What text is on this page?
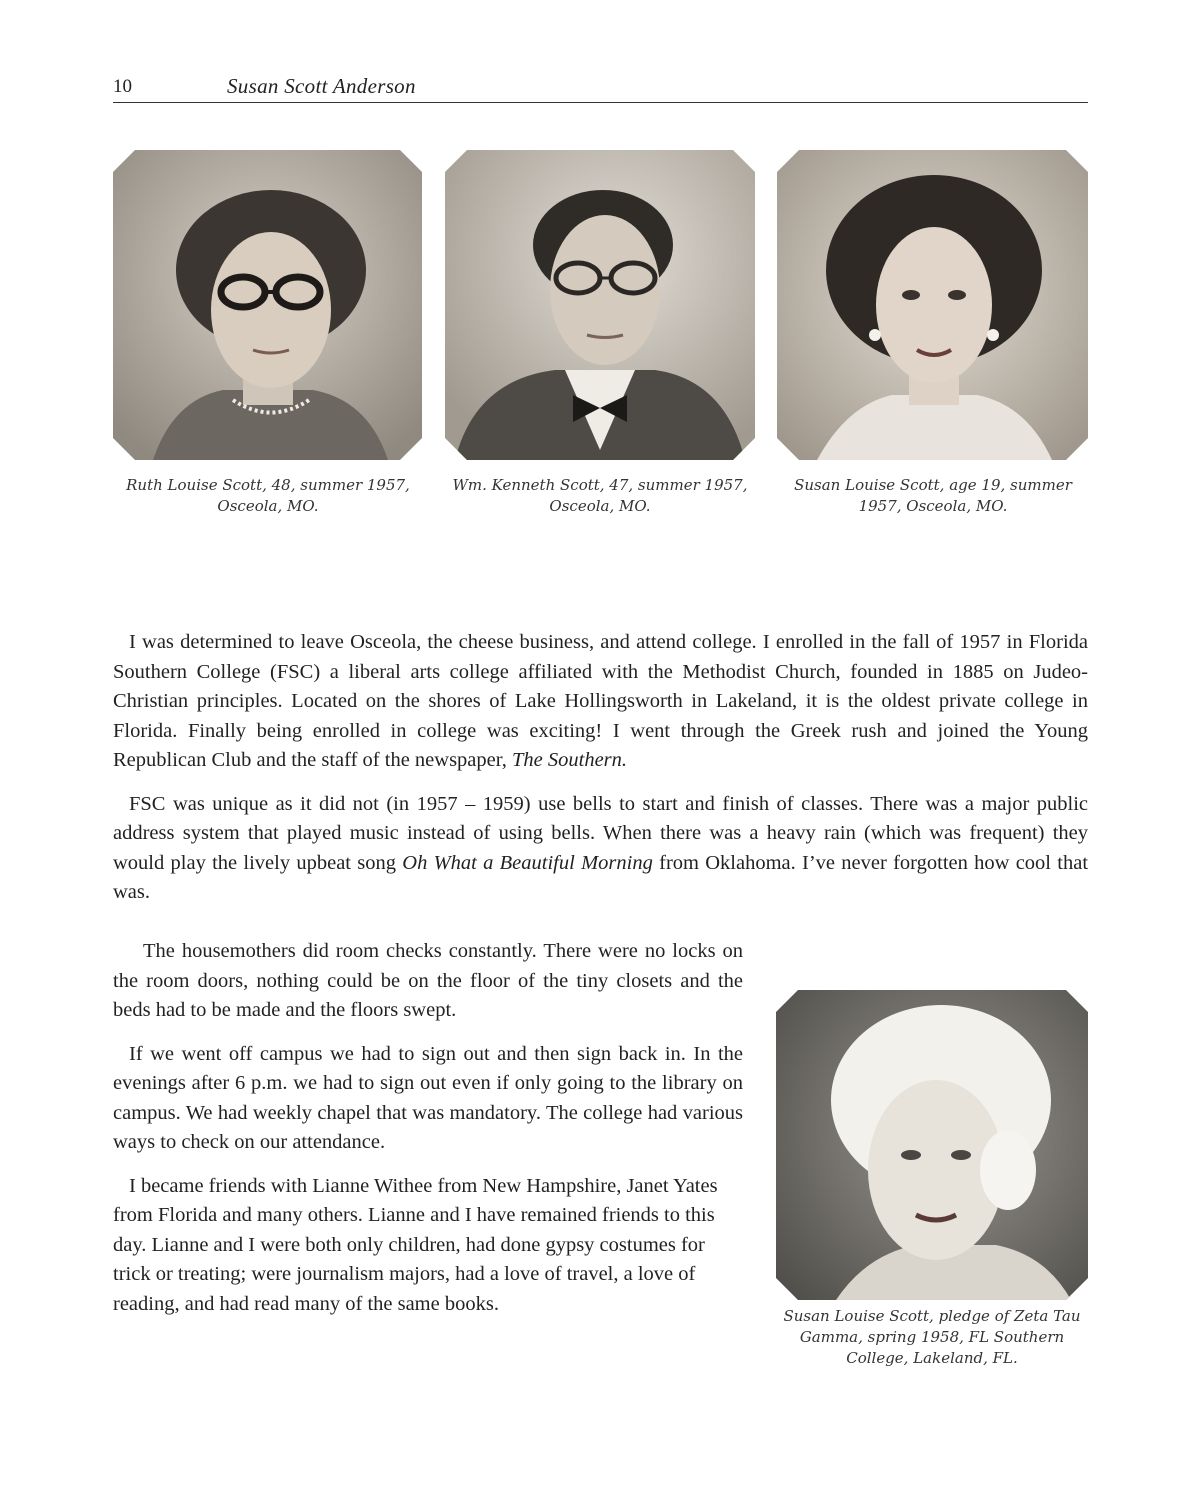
10	Susan Scott Anderson
Ruth Louise Scott, 48, summer 1957,
Osceola, MO.
Wm. Kenneth Scott, 47, summer 1957,
Osceola, MO.
Susan Louise Scott, age 19, summer
1957, Osceola, MO.

I was determined to leave Osceola, the cheese business, and attend college. I enrolled in the fall of 1957 in Florida Southern College (FSC) a liberal arts college affiliated with the Methodist Church, founded in 1885 on Judeo-Christian principles. Located on the shores of Lake Hollingsworth in Lakeland, it is the oldest private college in Florida. Finally being enrolled in college was exciting! I went through the Greek rush and joined the Young Republican Club and the staff of the newspaper, The Southern.

FSC was unique as it did not (in 1957 – 1959) use bells to start and finish of classes. There was a major public address system that played music instead of using bells. When there was a heavy rain (which was frequent) they would play the lively upbeat song Oh What a Beautiful Morning from Oklahoma. I’ve never forgotten how cool that was.

The housemothers did room checks constantly. There were no locks on the room doors, nothing could be on the floor of the tiny closets and the beds had to be made and the floors swept.

If we went off campus we had to sign out and then sign back in. In the evenings after 6 p.m. we had to sign out even if only going to the library on campus. We had weekly chapel that was mandatory. The college had various ways to check on our attendance.

I became friends with Lianne Withee from New Hampshire, Janet Yates from Florida and many others. Lianne and I have remained friends to this day. Lianne and I were both only children, had done gypsy costumes for trick or treating; were journalism majors, had a love of travel, a love of reading, and had read many of the same books.

Susan Louise Scott, pledge of Zeta Tau
Gamma, spring 1958, FL Southern
College, Lakeland, FL.
